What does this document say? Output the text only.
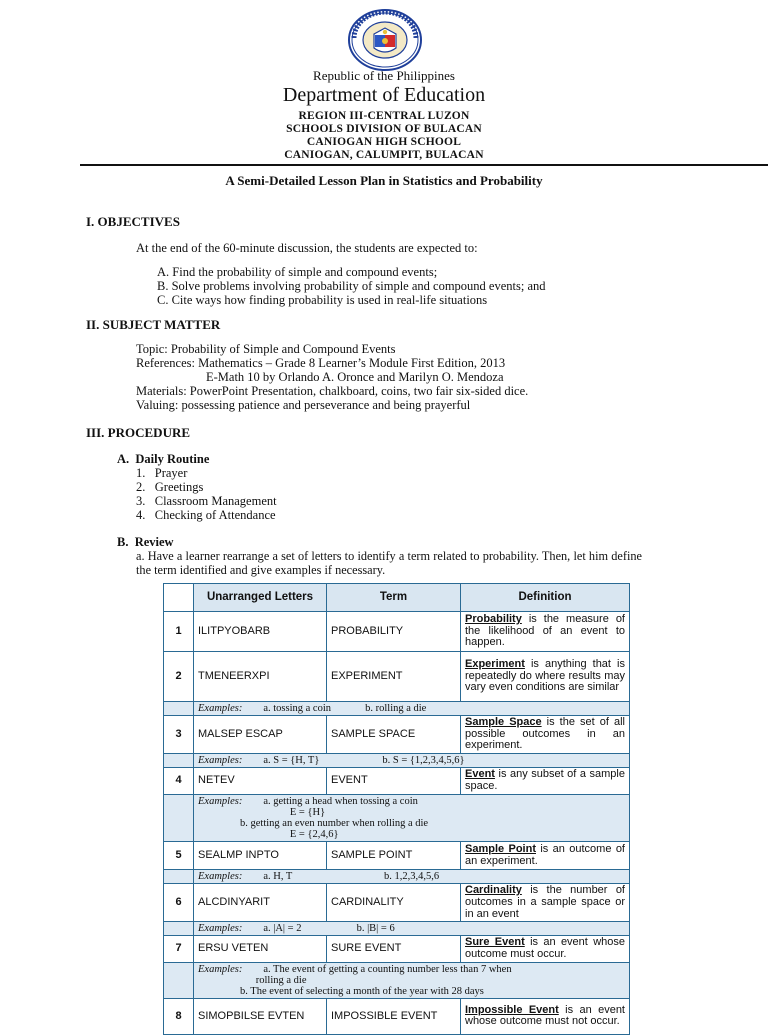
Republic of the Philippines
Department of Education
REGION III-CENTRAL LUZON
SCHOOLS DIVISION OF BULACAN
CANIOGAN HIGH SCHOOL
CANIOGAN, CALUMPIT, BULACAN
A Semi-Detailed Lesson Plan in Statistics and Probability
I. OBJECTIVES
At the end of the 60-minute discussion, the students are expected to:
A. Find the probability of simple and compound events;
B. Solve problems involving probability of simple and compound events; and
C. Cite ways how finding probability is used in real-life situations
II. SUBJECT MATTER
Topic: Probability of Simple and Compound Events
References: Mathematics – Grade 8 Learner’s Module First Edition, 2013
E-Math 10 by Orlando A. Oronce and Marilyn O. Mendoza
Materials: PowerPoint Presentation, chalkboard, coins, two fair six-sided dice.
Valuing: possessing patience and perseverance and being prayerful
III. PROCEDURE
A.  Daily Routine
1.   Prayer
2.   Greetings
3.   Classroom Management
4.   Checking of Attendance
B.  Review
a. Have a learner rearrange a set of letters to identify a term related to probability. Then, let him define the term identified and give examples if necessary.
	Unarranged Letters	Term	Definition
1	ILITPYOBARB	PROBABILITY	Probability is the measure of the likelihood of an event to happen.
2	TMENEERXPI	EXPERIMENT	Experiment is anything that is repeatedly do where results may vary even conditions are similar
	Examples:        a. tossing a coin             b. rolling a die		
3	MALSEP ESCAP	SAMPLE SPACE	Sample Space is the set of all possible outcomes in an experiment.
	Examples:        a. S = {H, T}                        b. S = {1,2,3,4,5,6}		
4	NETEV	EVENT	Event is any subset of a sample space.
	Examples:        a. getting a head when tossing a coin
E = {H}
b. getting an even number when rolling a die
E = {2,4,6}		
5	SEALMP INPTO	SAMPLE POINT	Sample Point is an outcome of an experiment.
	Examples:        a. H, T                                   b. 1,2,3,4,5,6		
6	ALCDINYARIT	CARDINALITY	Cardinality is the number of outcomes in a sample space or in an event
	Examples:        a. |A| = 2                     b. |B| = 6		
7	ERSU VETEN	SURE EVENT	Sure Event is an event whose outcome must occur.
	Examples:        a. The event of getting a counting number less than 7 when
rolling a die
b. The event of selecting a month of the year with 28 days		
8	SIMOPBILSE EVTEN	IMPOSSIBLE EVENT	Impossible Event is an event whose outcome must not occur.
